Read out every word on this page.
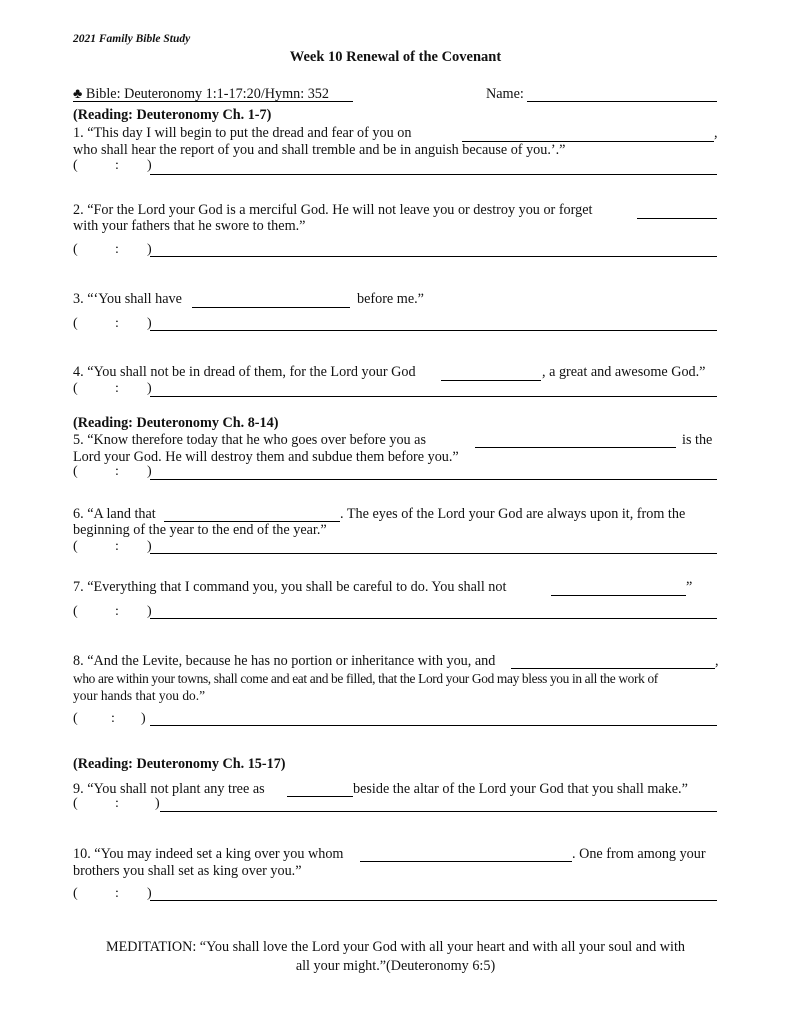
2021 Family Bible Study
Week 10 Renewal of the Covenant
♣ Bible: Deuteronomy 1:1-17:20/Hymn: 352	Name:
(Reading: Deuteronomy Ch. 1-7)
1. “This day I will begin to put the dread and fear of you on	,
who shall hear the report of you and shall tremble and be in anguish because of you.’.”
(	: )
2. “For the Lord your God is a merciful God. He will not leave you or destroy you or forget
with your fathers that he swore to them.”
(	: )
3. “‘You shall have	before me.”
(	: )
4. “You shall not be in dread of them, for the Lord your God	, a great and awesome God.”
(	: )
(Reading: Deuteronomy Ch. 8-14)
5. “Know therefore today that he who goes over before you as	is the
Lord your God. He will destroy them and subdue them before you.”
(	: )
6. “A land that	. The eyes of the Lord your God are always upon it, from the
beginning of the year to the end of the year.”
(	: )
7. “Everything that I command you, you shall be careful to do. You shall not	”
(	: )
8. “And the Levite, because he has no portion or inheritance with you, and	,
who are within your towns, shall come and eat and be filled, that the Lord your God may bless you in all the work of
your hands that you do.”
( : )
(Reading: Deuteronomy Ch. 15-17)
9. “You shall not plant any tree as	beside the altar of the Lord your God that you shall make.”
(	:	)
10. “You may indeed set a king over you whom	. One from among your
brothers you shall set as king over you.”
(	: )
MEDITATION: “You shall love the Lord your God with all your heart and with all your soul and with
all your might.”(Deuteronomy 6:5)
